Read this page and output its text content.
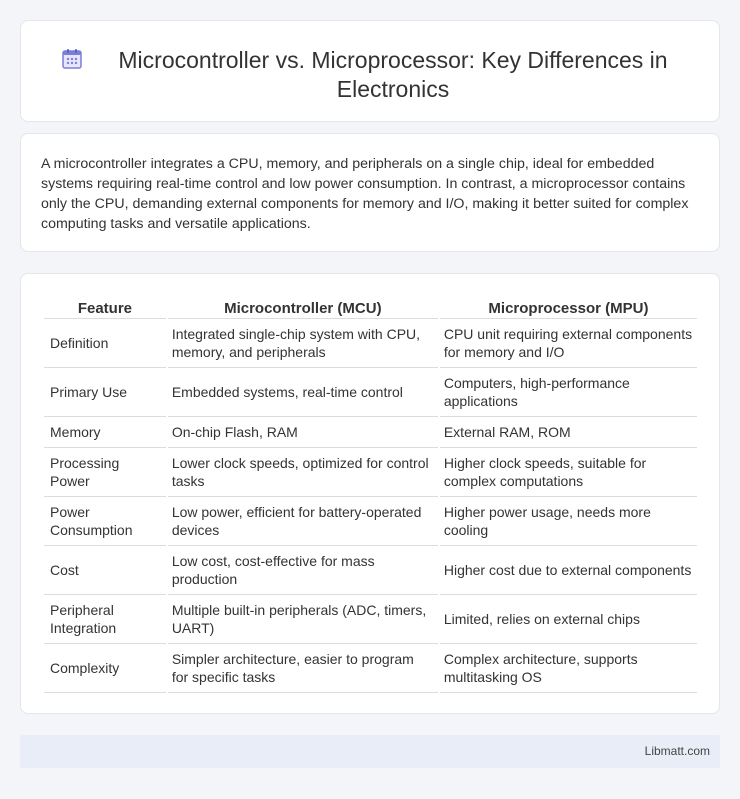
Microcontroller vs. Microprocessor: Key Differences in Electronics

A microcontroller integrates a CPU, memory, and peripherals on a single chip, ideal for embedded systems requiring real-time control and low power consumption. In contrast, a microprocessor contains only the CPU, demanding external components for memory and I/O, making it better suited for complex computing tasks and versatile applications.

Feature	Microcontroller (MCU)	Microprocessor (MPU)
Definition	Integrated single-chip system with CPU, memory, and peripherals	CPU unit requiring external components for memory and I/O
Primary Use	Embedded systems, real-time control	Computers, high-performance applications
Memory	On-chip Flash, RAM	External RAM, ROM
Processing Power	Lower clock speeds, optimized for control tasks	Higher clock speeds, suitable for complex computations
Power Consumption	Low power, efficient for battery-operated devices	Higher power usage, needs more cooling
Cost	Low cost, cost-effective for mass production	Higher cost due to external components
Peripheral Integration	Multiple built-in peripherals (ADC, timers, UART)	Limited, relies on external chips
Complexity	Simpler architecture, easier to program for specific tasks	Complex architecture, supports multitasking OS
Libmatt.com
